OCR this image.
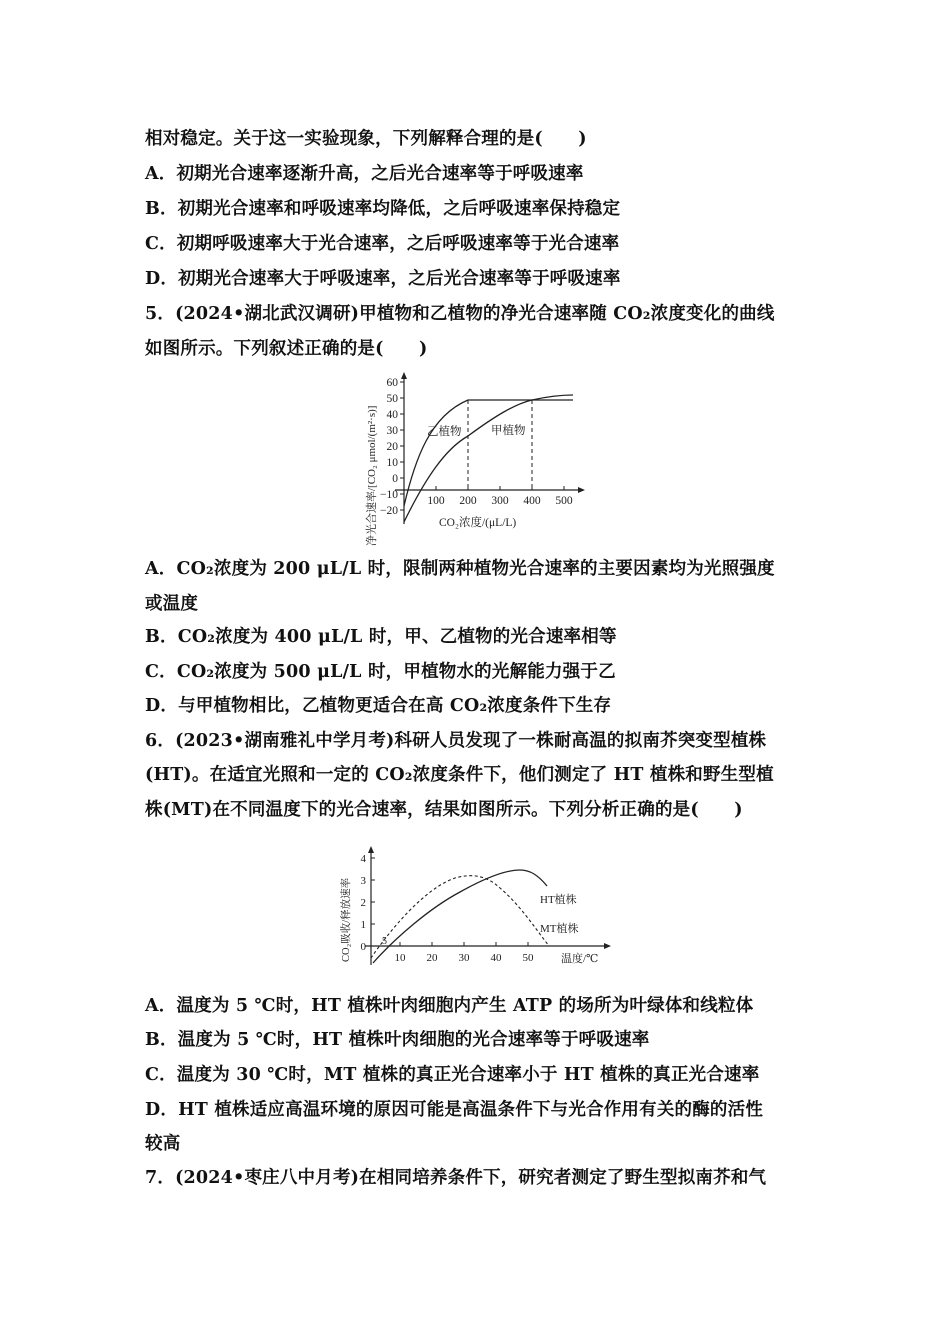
相对稳定。关于这一实验现象，下列解释合理的是(　　)
A．初期光合速率逐渐升高，之后光合速率等于呼吸速率
B．初期光合速率和呼吸速率均降低，之后呼吸速率保持稳定
C．初期呼吸速率大于光合速率，之后呼吸速率等于光合速率
D．初期光合速率大于呼吸速率，之后光合速率等于呼吸速率
5．(2024•湖北武汉调研)甲植物和乙植物的净光合速率随 CO₂浓度变化的曲线
如图所示。下列叙述正确的是(　　)
净光合速率/[CO₂ μmol/(m²·s)]
60
50
40
30
20
10
0
−10
−20
100 200 300 400 500
乙植物	甲植物
CO₂浓度/(μL/L)
A．CO₂浓度为 200 μL/L 时，限制两种植物光合速率的主要因素均为光照强度
或温度
B．CO₂浓度为 400 μL/L 时，甲、乙植物的光合速率相等
C．CO₂浓度为 500 μL/L 时，甲植物水的光解能力强于乙
D．与甲植物相比，乙植物更适合在高 CO₂浓度条件下生存
6．(2023•湖南雅礼中学月考)科研人员发现了一株耐高温的拟南芥突变型植株
(HT)。在适宜光照和一定的 CO₂浓度条件下，他们测定了 HT 植株和野生型植
株(MT)在不同温度下的光合速率，结果如图所示。下列分析正确的是(　　)
CO₂吸收/释放速率
4
3
2
1
0
10 20 30 40 50
5
HT植株
MT植株
温度/℃
A．温度为 5 ℃时，HT 植株叶肉细胞内产生 ATP 的场所为叶绿体和线粒体
B．温度为 5 ℃时，HT 植株叶肉细胞的光合速率等于呼吸速率
C．温度为 30 ℃时，MT 植株的真正光合速率小于 HT 植株的真正光合速率
D．HT 植株适应高温环境的原因可能是高温条件下与光合作用有关的酶的活性
较高
7．(2024•枣庄八中月考)在相同培养条件下，研究者测定了野生型拟南芥和气
